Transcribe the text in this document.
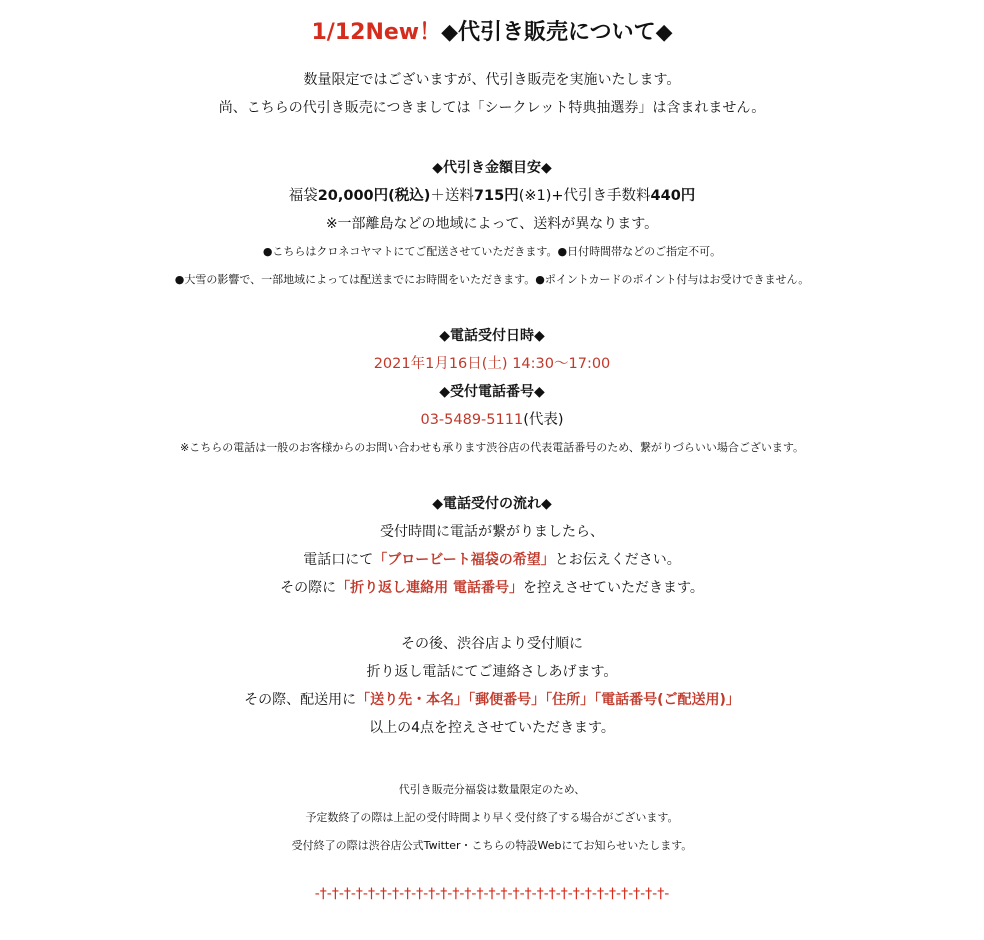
1/12New！◆代引き販売について◆

数量限定ではございますが、代引き販売を実施いたします。

尚、こちらの代引き販売につきましては「シークレット特典抽選券」は含まれません。

◆代引き金額目安◆

福袋20,000円(税込)＋送料715円(※1)+代引き手数料440円

※一部離島などの地域によって、送料が異なります。

●こちらはクロネコヤマトにてご配送させていただきます。●日付時間帯などのご指定不可。

●大雪の影響で、一部地域によっては配送までにお時間をいただきます。●ポイントカードのポイント付与はお受けできません。

◆電話受付日時◆

2021年1月16日(土) 14:30〜17:00

◆受付電話番号◆

03-5489-5111(代表)

※こちらの電話は一般のお客様からのお問い合わせも承ります渋谷店の代表電話番号のため、繋がりづらいい場合ございます。

◆電話受付の流れ◆

受付時間に電話が繋がりましたら、

電話口にて「ブロービート福袋の希望」とお伝えください。

その際に「折り返し連絡用 電話番号」を控えさせていただきます。

その後、渋谷店より受付順に

折り返し電話にてご連絡さしあげます。

その際、配送用に「送り先・本名」「郵便番号」「住所」「電話番号(ご配送用)」

以上の4点を控えさせていただきます。

代引き販売分福袋は数量限定のため、

予定数終了の際は上記の受付時間より早く受付終了する場合がございます。

受付終了の際は渋谷店公式Twitter・こちらの特設Webにてお知らせいたします。

-†-†-†-†-†-†-†-†-†-†-†-†-†-†-†-†-†-†-†-†-†-†-†-†-†-†-†-†-†-
